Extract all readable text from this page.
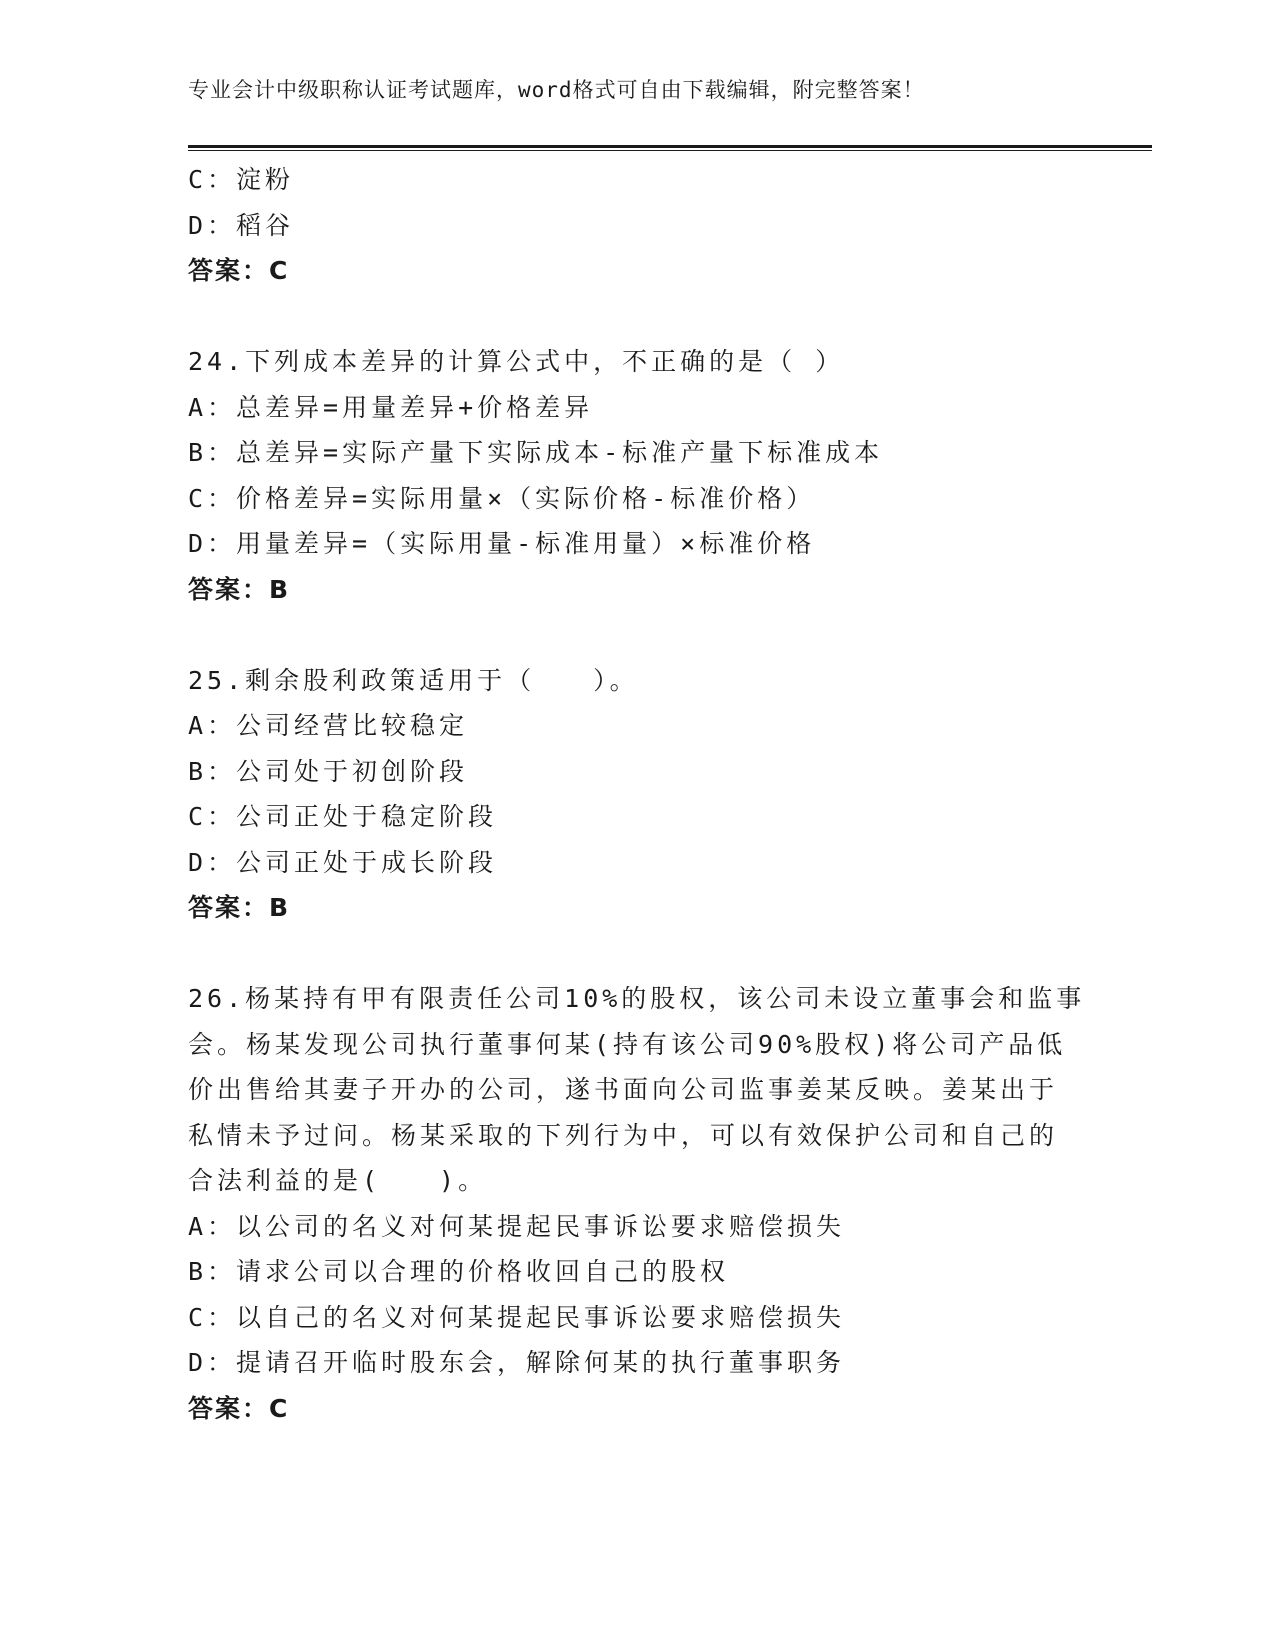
专业会计中级职称认证考试题库，word格式可自由下载编辑，附完整答案！
C：淀粉
D：稻谷
答案：C
24.下列成本差异的计算公式中，不正确的是（ ）
A：总差异=用量差异+价格差异
B：总差异=实际产量下实际成本-标准产量下标准成本
C：价格差异=实际用量×（实际价格-标准价格）
D：用量差异=（实际用量-标准用量）×标准价格
答案：B
25.剩余股利政策适用于（　　）。
A：公司经营比较稳定
B：公司处于初创阶段
C：公司正处于稳定阶段
D：公司正处于成长阶段
答案：B
26.杨某持有甲有限责任公司10%的股权，该公司未设立董事会和监事
会。杨某发现公司执行董事何某(持有该公司90%股权)将公司产品低
价出售给其妻子开办的公司，遂书面向公司监事姜某反映。姜某出于
私情未予过问。杨某采取的下列行为中，可以有效保护公司和自己的
合法利益的是(　　)。
A：以公司的名义对何某提起民事诉讼要求赔偿损失
B：请求公司以合理的价格收回自己的股权
C：以自己的名义对何某提起民事诉讼要求赔偿损失
D：提请召开临时股东会，解除何某的执行董事职务
答案：C
